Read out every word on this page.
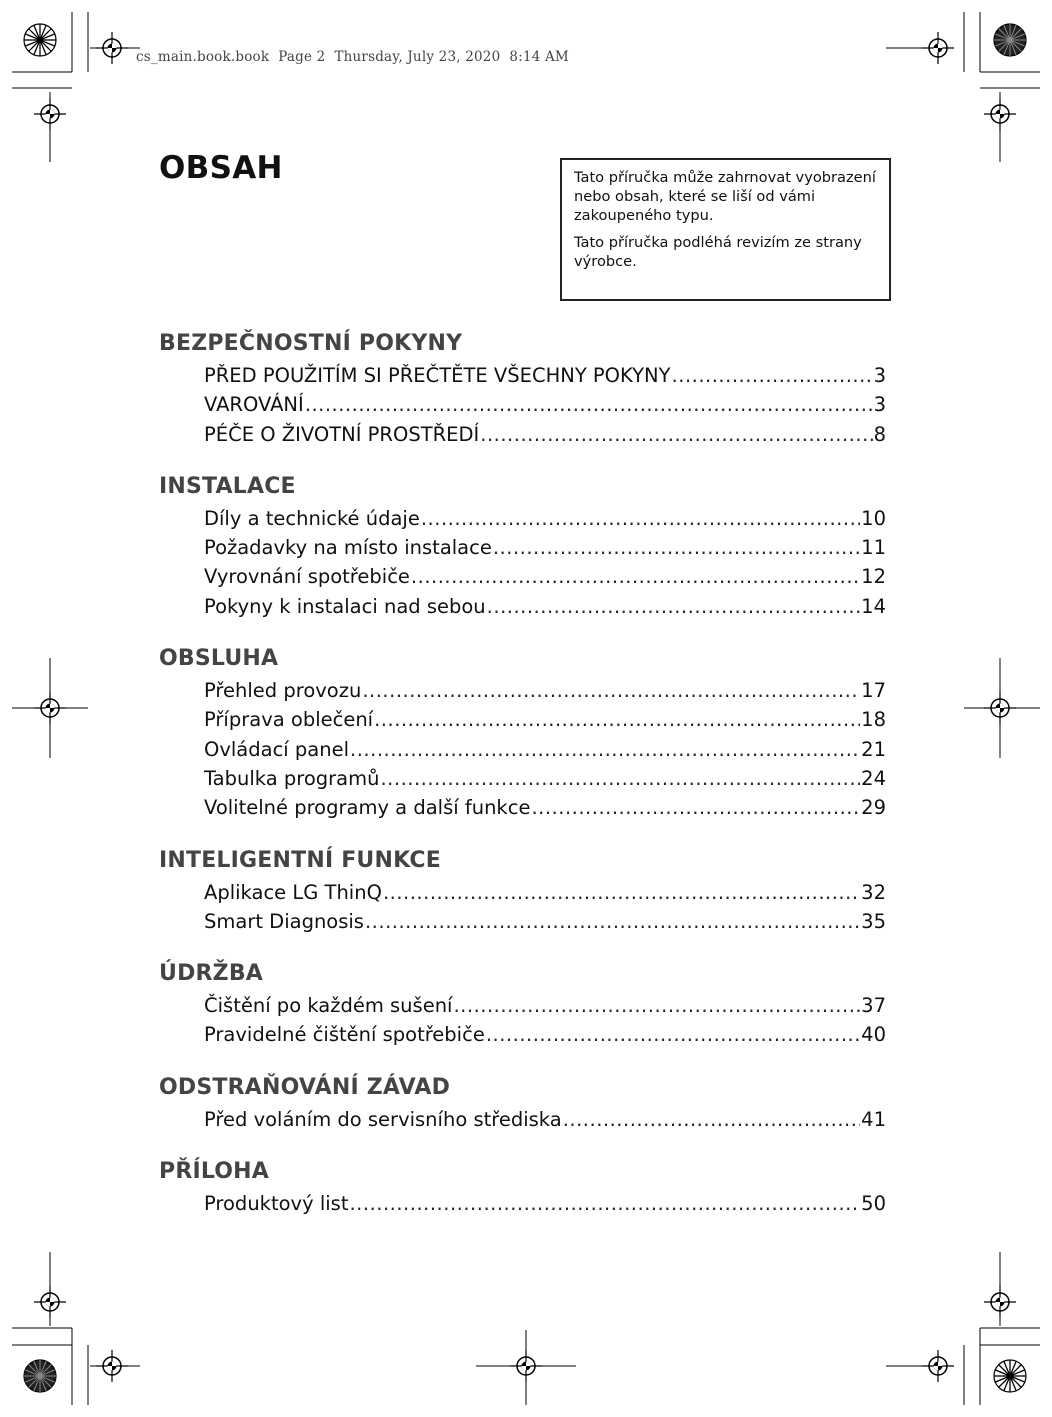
cs_main.book.book  Page 2  Thursday, July 23, 2020  8:14 AM
OBSAH	Tato příručka může zahrnovat vyobrazení nebo obsah, které se liší od vámi zakoupeného typu.

Tato příručka podléhá revizím ze strany výrobce.

BEZPEČNOSTNÍ POKYNY
PŘED POUŽITÍM SI PŘEČTĚTE VŠECHNY POKYNY .....	3
VAROVÁNÍ .....	3
PÉČE O ŽIVOTNÍ PROSTŘEDÍ .....	8
INSTALACE
Díly a technické údaje .....	10
Požadavky na místo instalace .....	11
Vyrovnání spotřebiče .....	12
Pokyny k instalaci nad sebou .....	14
OBSLUHA
Přehled provozu .....	17
Příprava oblečení .....	18
Ovládací panel .....	21
Tabulka programů .....	24
Volitelné programy a další funkce .....	29
INTELIGENTNÍ FUNKCE
Aplikace LG ThinQ .....	32
Smart Diagnosis .....	35
ÚDRŽBA
Čištění po každém sušení .....	37
Pravidelné čištění spotřebiče .....	40
ODSTRAŇOVÁNÍ ZÁVAD
Před voláním do servisního střediska .....	41
PŘÍLOHA
Produktový list .....	50
